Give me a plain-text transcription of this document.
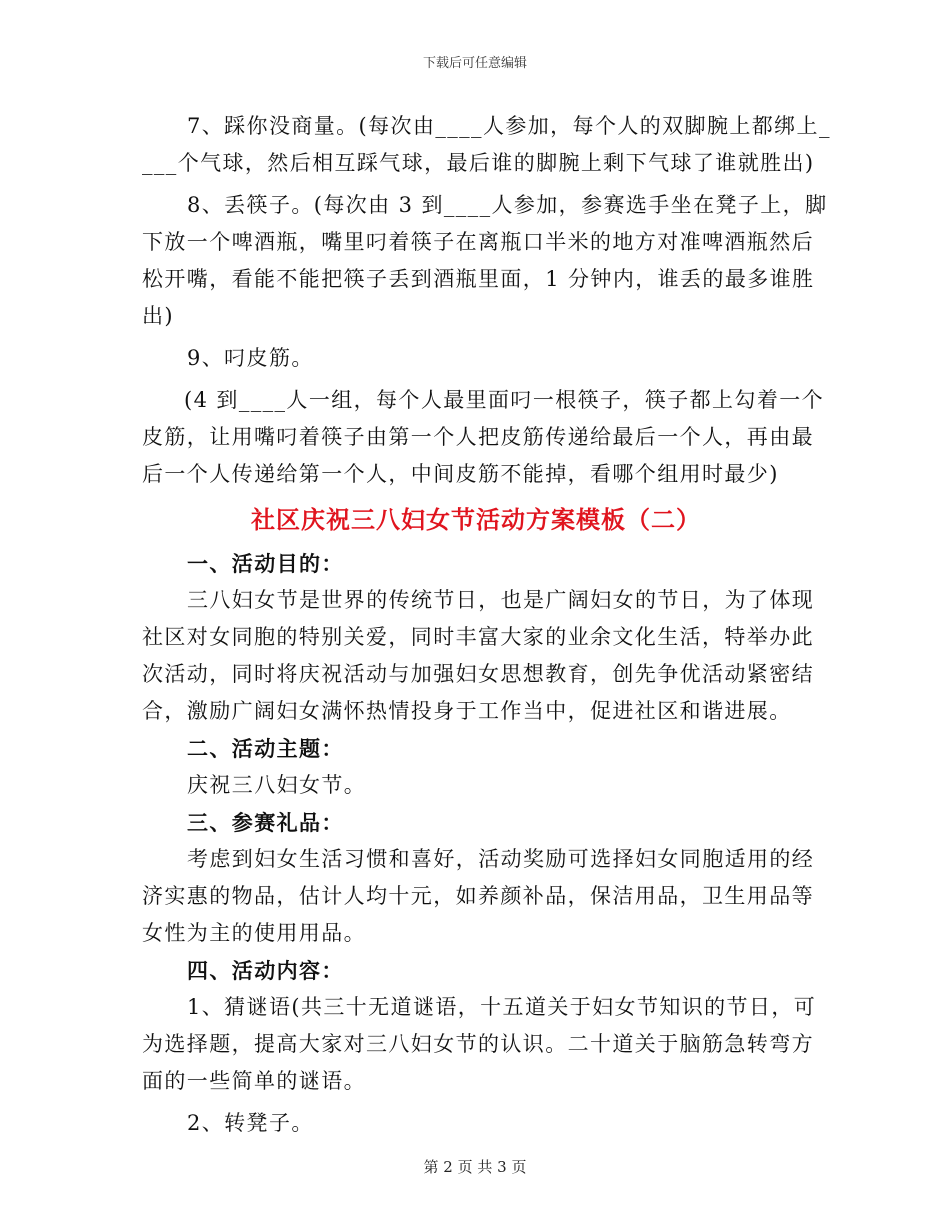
下载后可任意编辑
7、踩你没商量。(每次由____人参加，每个人的双脚腕上都绑上_
___个气球，然后相互踩气球，最后谁的脚腕上剩下气球了谁就胜出)
8、丢筷子。(每次由 3 到____人参加，参赛选手坐在凳子上，脚
下放一个啤酒瓶，嘴里叼着筷子在离瓶口半米的地方对准啤酒瓶然后
松开嘴，看能不能把筷子丢到酒瓶里面，1 分钟内，谁丢的最多谁胜
出)
9、叼皮筋。
(4 到____人一组，每个人最里面叼一根筷子，筷子都上勾着一个
皮筋，让用嘴叼着筷子由第一个人把皮筋传递给最后一个人，再由最
后一个人传递给第一个人，中间皮筋不能掉，看哪个组用时最少)
社区庆祝三八妇女节活动方案模板（二）
一、活动目的：
三八妇女节是世界的传统节日，也是广阔妇女的节日，为了体现
社区对女同胞的特别关爱，同时丰富大家的业余文化生活，特举办此
次活动，同时将庆祝活动与加强妇女思想教育，创先争优活动紧密结
合，激励广阔妇女满怀热情投身于工作当中，促进社区和谐进展。
二、活动主题：
庆祝三八妇女节。
三、参赛礼品：
考虑到妇女生活习惯和喜好，活动奖励可选择妇女同胞适用的经
济实惠的物品，估计人均十元，如养颜补品，保洁用品，卫生用品等
女性为主的使用用品。
四、活动内容：
1、猜谜语(共三十无道谜语，十五道关于妇女节知识的节日，可
为选择题，提高大家对三八妇女节的认识。二十道关于脑筋急转弯方
面的一些简单的谜语。
2、转凳子。
第 2 页 共 3 页
